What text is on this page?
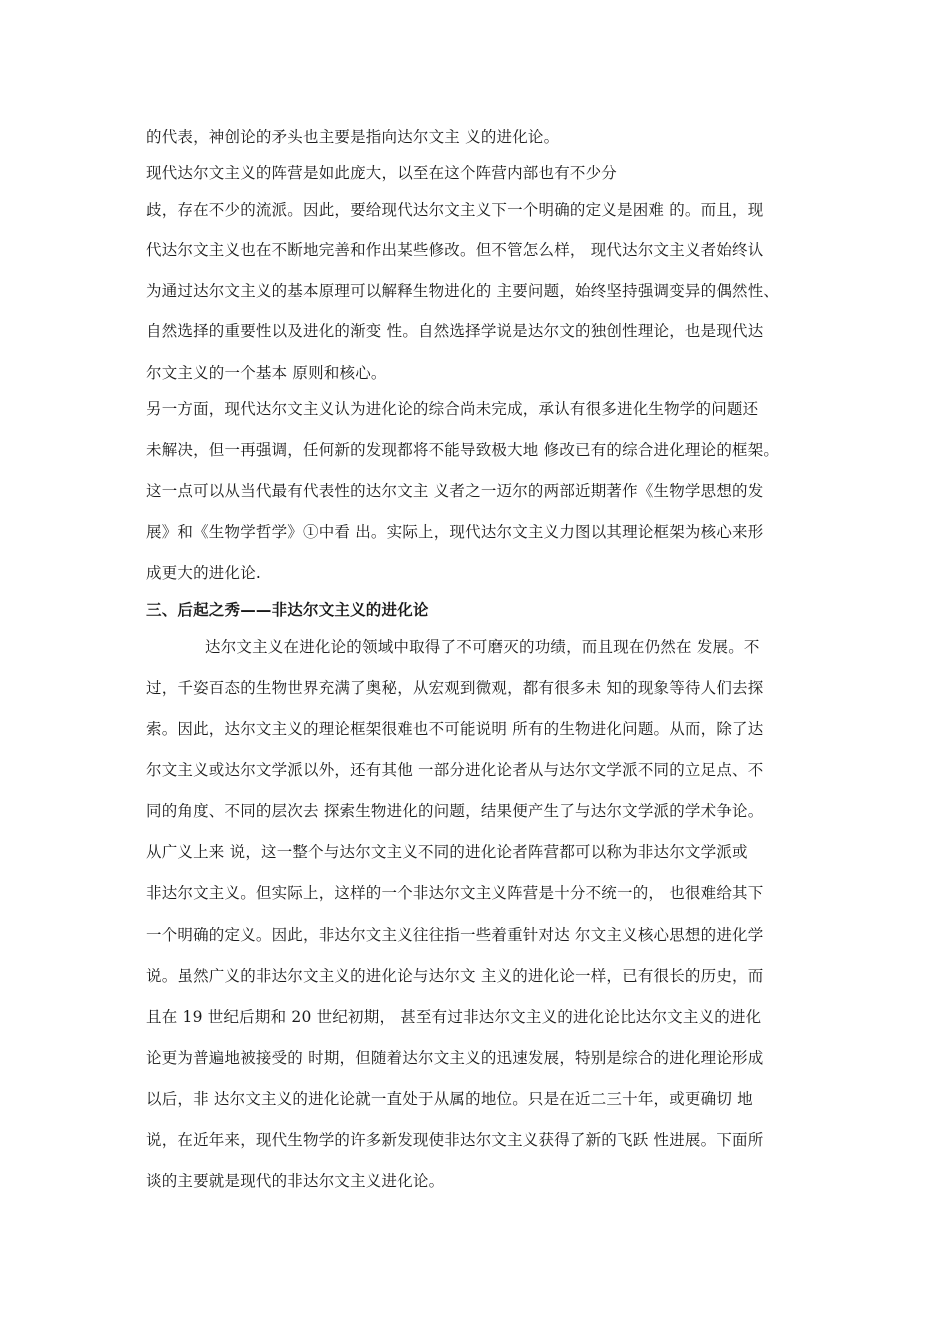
的代表，神创论的矛头也主要是指向达尔文主 义的进化论。
现代达尔文主义的阵营是如此庞大，以至在这个阵营内部也有不少分
歧，存在不少的流派。因此，要给现代达尔文主义下一个明确的定义是困难 的。而且，现
代达尔文主义也在不断地完善和作出某些修改。但不管怎么样， 现代达尔文主义者始终认
为通过达尔文主义的基本原理可以解释生物进化的 主要问题，始终坚持强调变异的偶然性、
自然选择的重要性以及进化的渐变 性。自然选择学说是达尔文的独创性理论，也是现代达
尔文主义的一个基本 原则和核心。
另一方面，现代达尔文主义认为进化论的综合尚未完成，承认有很多进化生物学的问题还
未解决，但一再强调，任何新的发现都将不能导致极大地 修改已有的综合进化理论的框架。
这一点可以从当代最有代表性的达尔文主 义者之一迈尔的两部近期著作《生物学思想的发
展》和《生物学哲学》①中看 出。实际上，现代达尔文主义力图以其理论框架为核心来形
成更大的进化论.
三、后起之秀——非达尔文主义的进化论
达尔文主义在进化论的领域中取得了不可磨灭的功绩，而且现在仍然在 发展。不
过，千姿百态的生物世界充满了奥秘，从宏观到微观，都有很多未 知的现象等待人们去探
索。因此，达尔文主义的理论框架很难也不可能说明 所有的生物进化问题。从而，除了达
尔文主义或达尔文学派以外，还有其他 一部分进化论者从与达尔文学派不同的立足点、不
同的角度、不同的层次去 探索生物进化的问题，结果便产生了与达尔文学派的学术争论。
从广义上来 说，这一整个与达尔文主义不同的进化论者阵营都可以称为非达尔文学派或
非达尔文主义。但实际上，这样的一个非达尔文主义阵营是十分不统一的， 也很难给其下
一个明确的定义。因此，非达尔文主义往往指一些着重针对达 尔文主义核心思想的进化学
说。虽然广义的非达尔文主义的进化论与达尔文 主义的进化论一样，已有很长的历史，而
且在 19 世纪后期和 20 世纪初期， 甚至有过非达尔文主义的进化论比达尔文主义的进化
论更为普遍地被接受的 时期，但随着达尔文主义的迅速发展，特别是综合的进化理论形成
以后，非 达尔文主义的进化论就一直处于从属的地位。只是在近二三十年，或更确切 地
说，在近年来，现代生物学的许多新发现使非达尔文主义获得了新的飞跃 性进展。下面所
谈的主要就是现代的非达尔文主义进化论。
